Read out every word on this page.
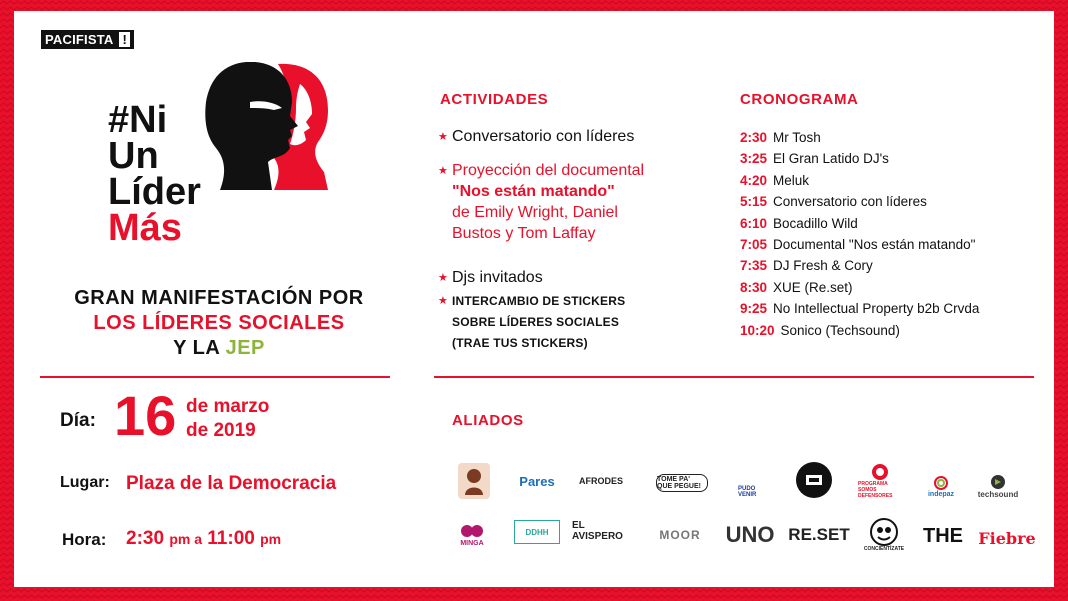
PACIFISTA !
#Ni
Un
Líder
Más
GRAN MANIFESTACIÓN POR
LOS LÍDERES SOCIALES
Y LA JEP
Día: 16 de marzo
de 2019
Lugar: Plaza de la Democracia
Hora: 2:30 pm a 11:00 pm
ACTIVIDADES
★ Conversatorio con líderes
★ Proyección del documental
"Nos están matando"
de Emily Wright, Daniel
Bustos y Tom Laffay
★ Djs invitados
★ INTERCAMBIO DE STICKERS
SOBRE LÍDERES SOCIALES
(TRAE TUS STICKERS)
CRONOGRAMA
2:30 Mr Tosh
3:25 El Gran Latido DJ's
4:20 Meluk
5:15 Conversatorio con líderes
6:10 Bocadillo Wild
7:05 Documental "Nos están matando"
7:35 DJ Fresh & Cory
8:30 XUE (Re.set)
9:25 No Intellectual Property b2b Crvda
10:20 Sonico (Techsound)
ALIADOS
Pares	AFRODES	TOME PA' QUE PEGUE!	PUDO VENIR
PROGRAMA SOMOS DEFENSORES	indepaz	techsound
MINGA
DDHH
EL AVISPERO	MOOR UNO RE.SET
CONCIENTÍZATE
THE Fiebre
